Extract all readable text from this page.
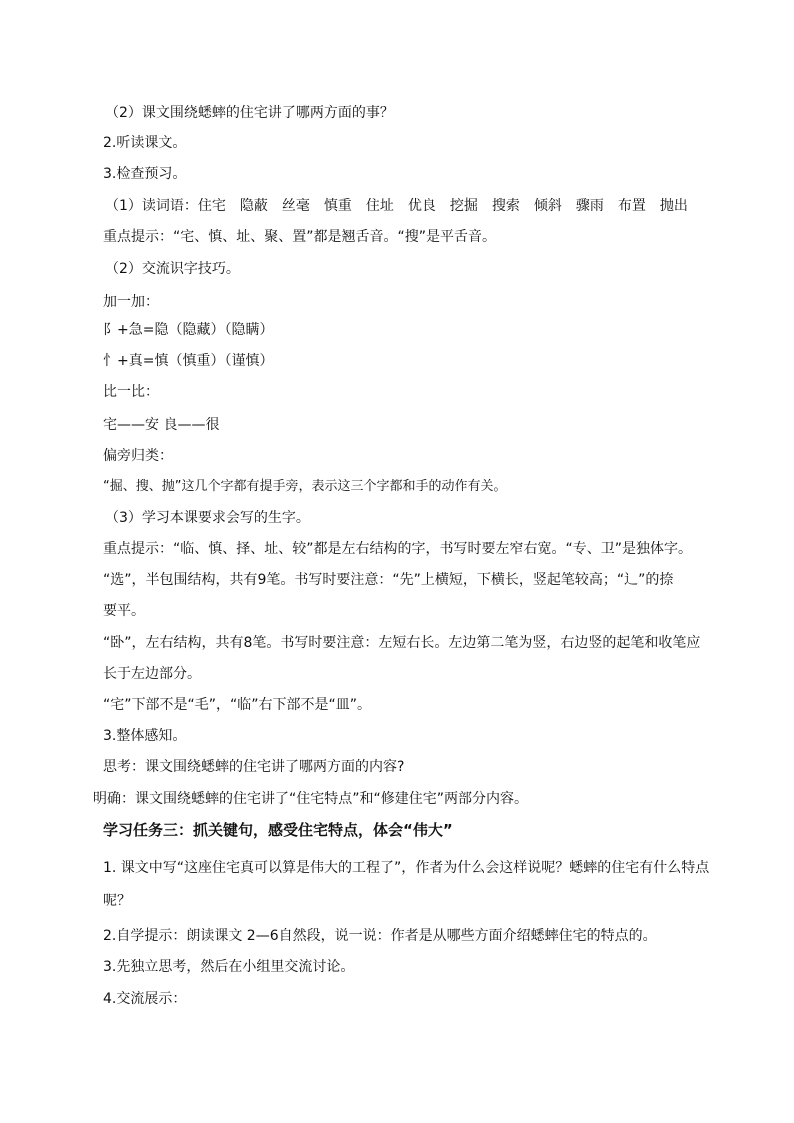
（2）课文围绕蟋蟀的住宅讲了哪两方面的事？
2.听读课文。
3.检查预习。
（1）读词语：住宅 隐蔽 丝毫 慎重 住址 优良 挖掘 搜索 倾斜 骤雨 布置 抛出
重点提示：“宅、慎、址、聚、置”都是翘舌音。“搜”是平舌音。
（2）交流识字技巧。
加一加：
阝+急=隐（隐藏）（隐瞒）
忄+真=慎（慎重）（谨慎）
比一比：
宅——安 良——很
偏旁归类：
“掘、搜、抛”这几个字都有提手旁，表示这三个字都和手的动作有关。
（3）学习本课要求会写的生字。
重点提示：“临、慎、择、址、较”都是左右结构的字，书写时要左窄右宽。“专、卫”是独体字。
“选”，半包围结构，共有9笔。书写时要注意：“先”上横短，下横长，竖起笔较高；“辶”的捺
要平。
“卧”，左右结构，共有8笔。书写时要注意：左短右长。左边第二笔为竖，右边竖的起笔和收笔应
长于左边部分。
“宅”下部不是“毛”，“临”右下部不是“皿”。
3.整体感知。
思考：课文围绕蟋蟀的住宅讲了哪两方面的内容?
明确：课文围绕蟋蟀的住宅讲了“住宅特点”和“修建住宅”两部分内容。
学习任务三：抓关键句，感受住宅特点，体会“伟大”
1. 课文中写“这座住宅真可以算是伟大的工程了”，作者为什么会这样说呢？蟋蟀的住宅有什么特点
呢？
2.自学提示：朗读课文 2—6自然段，说一说：作者是从哪些方面介绍蟋蟀住宅的特点的。
3.先独立思考，然后在小组里交流讨论。
4.交流展示：
